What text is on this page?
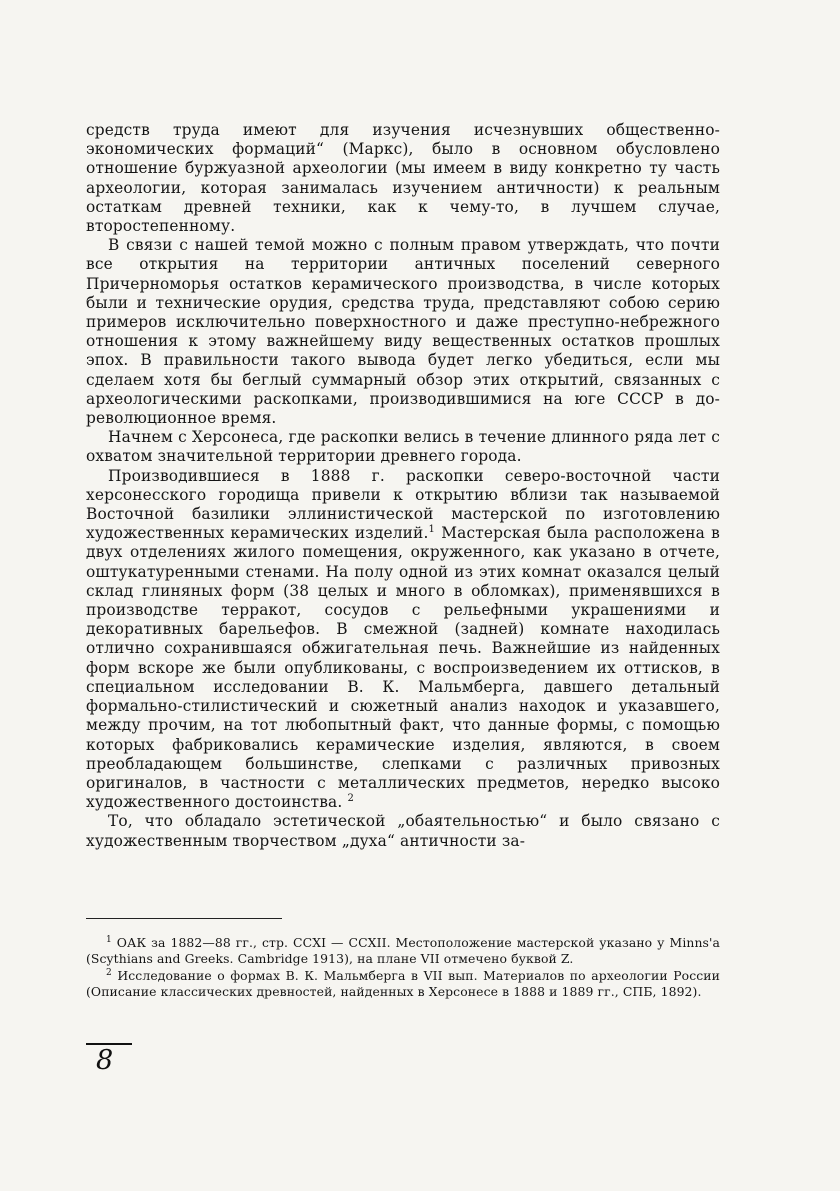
средств труда имеют для изучения исчезнувших общественно-экономических формаций“ (Маркс), было в основном обусловлено отношение буржуазной археологии (мы имеем в виду конкретно ту часть археологии, которая занималась изучением античности) к реальным остаткам древней техники, как к чему-то, в лучшем случае, второстепенному.

В связи с нашей темой можно с полным правом утверждать, что почти все открытия на территории античных поселений северного Причерноморья остатков керамического производства, в числе которых были и технические орудия, средства труда, представляют собою серию примеров исключительно поверхностного и даже преступно-небрежного отношения к этому важнейшему виду вещественных остатков прошлых эпох. В правильности такого вывода будет легко убедиться, если мы сделаем хотя бы беглый суммарный обзор этих открытий, связанных с археологическими раскопками, производившимися на юге СССР в до-революционное время.

Начнем с Херсонеса, где раскопки велись в течение длинного ряда лет с охватом значительной территории древнего города.

Производившиеся в 1888 г. раскопки северо-восточной части херсонесского городища привели к открытию вблизи так называемой Восточной базилики эллинистической мастерской по изготовлению художественных керамических изделий.$^1$ Мастерская была расположена в двух отделениях жилого помещения, окруженного, как указано в отчете, оштукатуренными стенами. На полу одной из этих комнат оказался целый склад глиняных форм (38 целых и много в обломках), применявшихся в производстве терракот, сосудов с рельефными украшениями и декоративных барельефов. В смежной (задней) комнате находилась отлично сохранившаяся обжигательная печь. Важнейшие из найденных форм вскоре же были опубликованы, с воспроизведением их оттисков, в специальном исследовании В. К. Мальмберга, давшего детальный формально-стилистический и сюжетный анализ находок и указавшего, между прочим, на тот любопытный факт, что данные формы, с помощью которых фабриковались керамические изделия, являются, в своем преобладающем большинстве, слепками с различных привозных оригиналов, в частности с металлических предметов, нередко высоко художественного достоинства. $^2$

То, что обладало эстетической „обаятельностью“ и было связано с художественным творчеством „духа“ античности за-

$^1$ ОАК за 1882—88 гг., стр. CCXI — CCXII. Местоположение мастерской указано у Minns'a (Scythians and Greeks. Cambridge 1913), на плане VII отмечено буквой Z.

$^2$ Исследование о формах В. К. Мальмберга в VII вып. Материалов по археологии России (Описание классических древностей, найденных в Херсонесе в 1888 и 1889 гг., СПБ, 1892).

8
